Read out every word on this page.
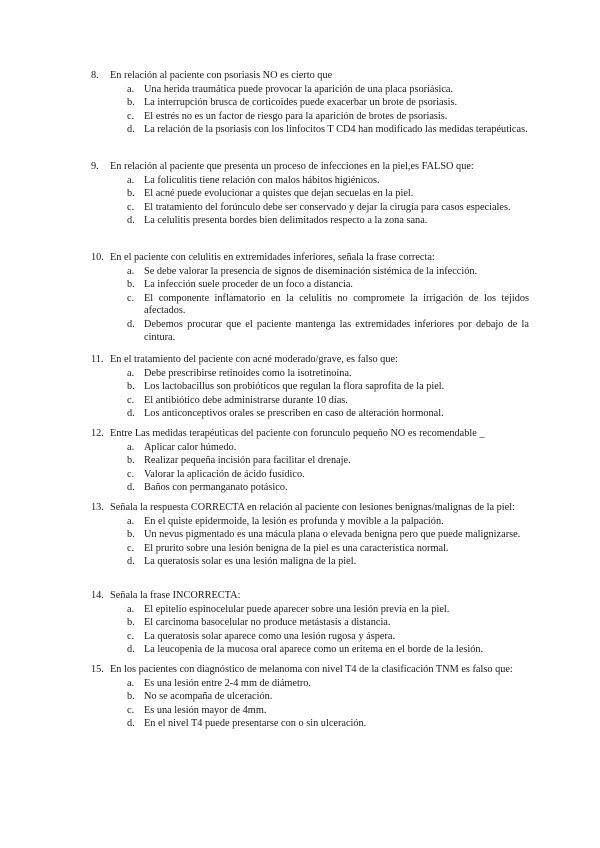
8.	En relación al paciente con psoriasis NO es cierto que
a. Una herida traumática puede provocar la aparición de una placa psoriásica.
b. La interrupción brusca de corticoides puede exacerbar un brote de psoriasis.
c. El estrés no es un factor de riesgo para la aparición de brotes de psoriasis.
d. La relación de la psoriasis con los linfocitos T CD4 han modificado las medidas terapéuticas.
9.	En relación al paciente que presenta un proceso de infecciones en la piel,es FALSO que:
a. La foliculitis tiene relación con malos hábitos higiénicos.
b. El acné puede evolucionar a quistes que dejan secuelas en la piel.
c. El tratamiento del forúnculo debe ser conservado y dejar la cirugía para casos especiales.
d. La celulitis presenta bordes bien delimitados respecto a la zona sana.
10. En el paciente con celulitis en extremidades inferiores, señala la frase correcta:
a. Se debe valorar la presencia de signos de diseminación sistémica de la infección.
b. La infección suele proceder de un foco a distancia.
c. El componente inflamatorio en la celulitis no compromete la irrigación de los tejidos afectados.
d. Debemos procurar que el paciente mantenga las extremidades inferiores por debajo de la cintura.
11. En el tratamiento del paciente con acné moderado/grave, es falso que:
a. Debe prescribirse retinoides como la isotretinoína.
b. Los lactobacillus son probióticos que regulan la flora saprofita de la piel.
c. El antibiótico debe administrarse durante 10 días.
d. Los anticonceptivos orales se prescriben en caso de alteración hormonal.
12. Entre Las medidas terapéuticas del paciente con forunculo pequeño NO es recomendable _
a. Aplicar calor húmedo.
b. Realizar pequeña incisión para facilitar el drenaje.
c. Valorar la aplicación de ácido fusídico.
d. Baños con permanganato potásico.
13. Señala la respuesta CORRECTA en relación al paciente con lesiones benignas/malignas de la piel:
a. En el quiste epidermoide, la lesión es profunda y movible a la palpación.
b. Un nevus pigmentado es una mácula plana o elevada benigna pero que puede malignizarse.
c. El prurito sobre una lesión benigna de la piel es una característica normal.
d. La queratosis solar es una lesión maligna de la piel.
14. Señala la frase INCORRECTA:
a. El epitelio espinocelular puede aparecer sobre una lesión previa en la piel.
b. El carcinoma basocelular no produce metástasis a distancia.
c. La queratosis solar aparece como una lesión rugosa y áspera.
d. La leucopenia de la mucosa oral aparece como un eritema en el borde de la lesión.
15. En los pacientes con diagnóstico de melanoma con nivel T4 de la clasificación TNM es falso que:
a. Es una lesión entre 2-4 mm de diámetro.
b. No se acompaña de ulceración.
c. Es una lesión mayor de 4mm.
d. En el nivel T4 puede presentarse con o sin ulceración.
